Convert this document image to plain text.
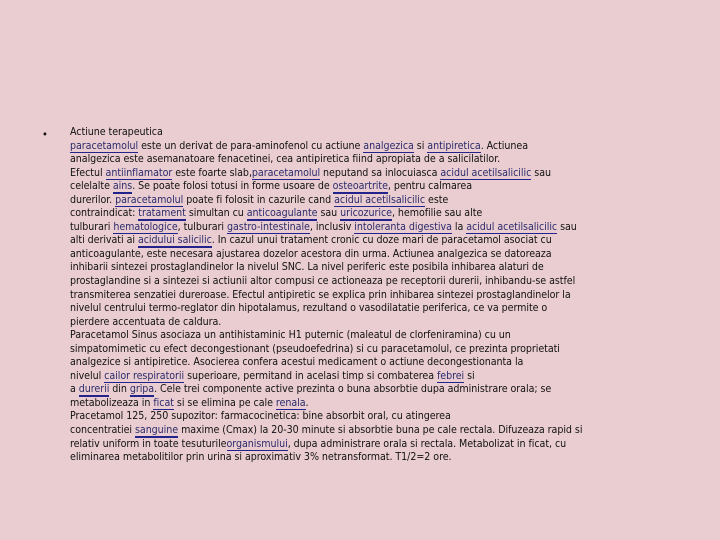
•	Actiune terapeutica
paracetamolul este un derivat de para-aminofenol cu actiune analgezica si antipiretica. Actiunea
analgezica este asemanatoare fenacetinei, cea antipiretica fiind apropiata de a salicilatilor.
Efectul antiinflamator este foarte slab,paracetamolul neputand sa inlocuiasca acidul acetilsalicilic sau
celelalte ains. Se poate folosi totusi in forme usoare de osteoartrite, pentru calmarea
durerilor. paracetamolul poate fi folosit in cazurile cand acidul acetilsalicilic este
contraindicat: tratament simultan cu anticoagulante sau uricozurice, hemofilie sau alte
tulburari hematologice, tulburari gastro-intestinale, inclusiv intoleranta digestiva la acidul acetilsalicilic sau
alti derivati ai acidului salicilic. In cazul unui tratament cronic cu doze mari de paracetamol asociat cu
anticoagulante, este necesara ajustarea dozelor acestora din urma. Actiunea analgezica se datoreaza
inhibarii sintezei prostaglandinelor la nivelul SNC. La nivel periferic este posibila inhibarea alaturi de
prostaglandine si a sintezei si actiunii altor compusi ce actioneaza pe receptorii durerii, inhibandu-se astfel
transmiterea senzatiei dureroase. Efectul antipiretic se explica prin inhibarea sintezei prostaglandinelor la
nivelul centrului termo-reglator din hipotalamus, rezultand o vasodilatatie periferica, ce va permite o
pierdere accentuata de caldura.
Paracetamol Sinus asociaza un antihistaminic H1 puternic (maleatul de clorfeniramina) cu un
simpatomimetic cu efect decongestionant (pseudoefedrina) si cu paracetamolul, ce prezinta proprietati
analgezice si antipiretice. Asocierea confera acestui medicament o actiune decongestionanta la
nivelul cailor respiratorii superioare, permitand in acelasi timp si combaterea febrei si
a durerii din gripa. Cele trei componente active prezinta o buna absorbtie dupa administrare orala; se
metabolizeaza in ficat si se elimina pe cale renala.
Pracetamol 125, 250 supozitor: farmacocinetica: bine absorbit oral, cu atingerea
concentratiei sanguine maxime (Cmax) la 20-30 minute si absorbtie buna pe cale rectala. Difuzeaza rapid si
relativ uniform in toate tesuturileorganismului, dupa administrare orala si rectala. Metabolizat in ficat, cu
eliminarea metabolitilor prin urina si aproximativ 3% netransformat. T1/2=2 ore.
